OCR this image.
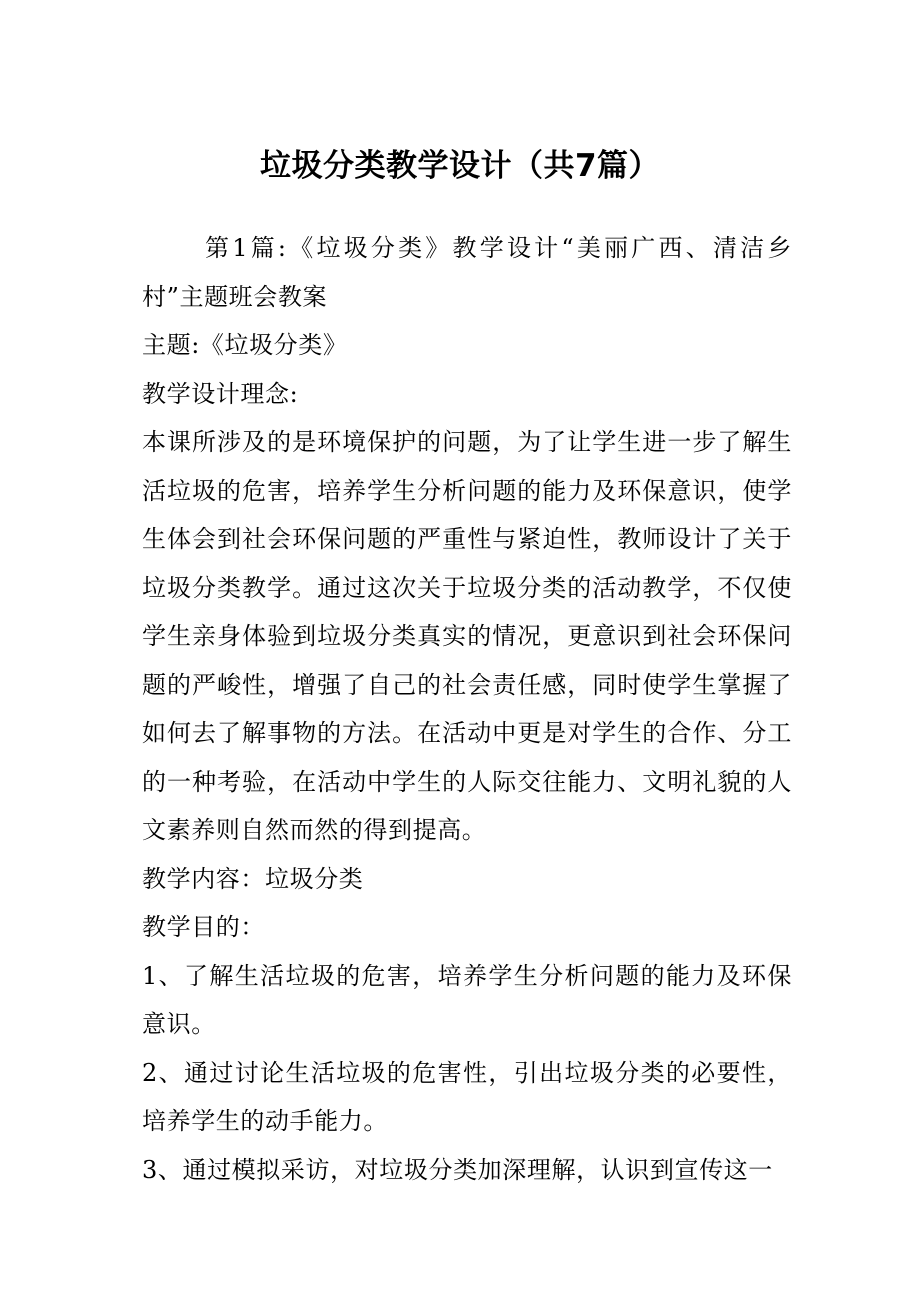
垃圾分类教学设计（共7篇）

第1篇:《垃圾分类》教学设计“美丽广西、清洁乡村”主题班会教案

主题:《垃圾分类》

教学设计理念:

本课所涉及的是环境保护的问题，为了让学生进一步了解生活垃圾的危害，培养学生分析问题的能力及环保意识，使学生体会到社会环保问题的严重性与紧迫性，教师设计了关于垃圾分类教学。通过这次关于垃圾分类的活动教学，不仅使学生亲身体验到垃圾分类真实的情况，更意识到社会环保问题的严峻性，增强了自己的社会责任感，同时使学生掌握了如何去了解事物的方法。在活动中更是对学生的合作、分工的一种考验，在活动中学生的人际交往能力、文明礼貌的人文素养则自然而然的得到提高。

教学内容：垃圾分类

教学目的：

1、了解生活垃圾的危害，培养学生分析问题的能力及环保意识。

2、通过讨论生活垃圾的危害性，引出垃圾分类的必要性，培养学生的动手能力。

3、通过模拟采访，对垃圾分类加深理解，认识到宣传这一
